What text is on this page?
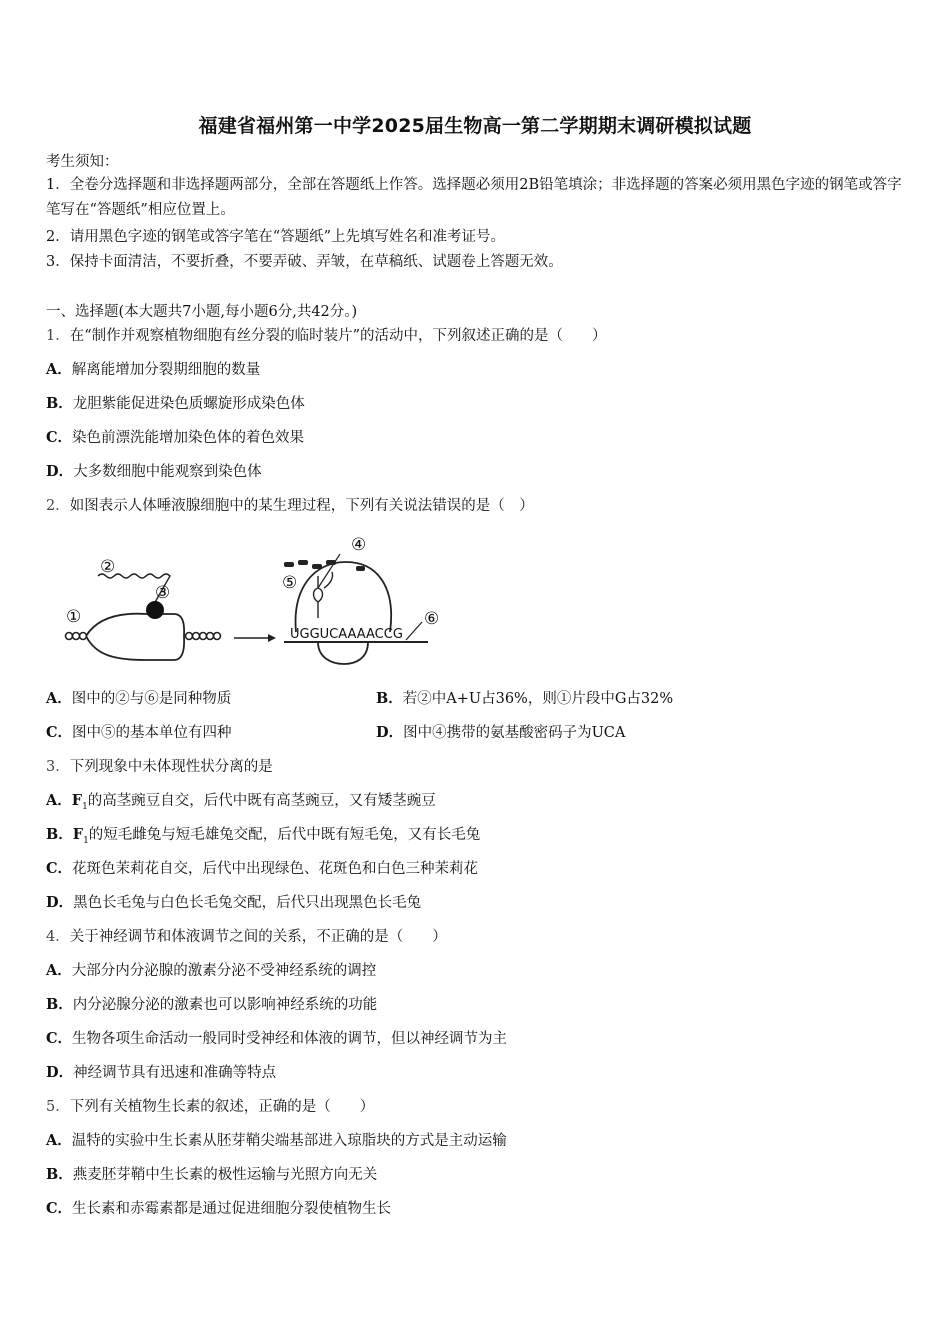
福建省福州第一中学2025届生物高一第二学期期末调研模拟试题
考生须知：
1．全卷分选择题和非选择题两部分，全部在答题纸上作答。选择题必须用2B铅笔填涂；非选择题的答案必须用黑色字迹的钢笔或答字笔写在“答题纸”相应位置上。
2．请用黑色字迹的钢笔或答字笔在“答题纸”上先填写姓名和准考证号。
3．保持卡面清洁，不要折叠，不要弄破、弄皱，在草稿纸、试题卷上答题无效。
一、选择题(本大题共7小题,每小题6分,共42分。)
1．在“制作并观察植物细胞有丝分裂的临时装片”的活动中，下列叙述正确的是（　　）
A．解离能增加分裂期细胞的数量
B．龙胆紫能促进染色质螺旋形成染色体
C．染色前漂洗能增加染色体的着色效果
D．大多数细胞中能观察到染色体
2．如图表示人体唾液腺细胞中的某生理过程，下列有关说法错误的是（　）
①
②
③
UGGUCAAAACCG
④
⑤
⑥
A．图中的②与⑥是同种物质	B．若②中A+U占36%，则①片段中G占32%
C．图中⑤的基本单位有四种	D．图中④携带的氨基酸密码子为UCA
3．下列现象中未体现性状分离的是
A．$F_1$的高茎豌豆自交，后代中既有高茎豌豆，又有矮茎豌豆
B．$F_1$的短毛雌兔与短毛雄兔交配，后代中既有短毛兔，又有长毛兔
C．花斑色茉莉花自交，后代中出现绿色、花斑色和白色三种茉莉花
D．黑色长毛兔与白色长毛兔交配，后代只出现黑色长毛兔
4．关于神经调节和体液调节之间的关系，不正确的是（　　）
A．大部分内分泌腺的激素分泌不受神经系统的调控
B．内分泌腺分泌的激素也可以影响神经系统的功能
C．生物各项生命活动一般同时受神经和体液的调节，但以神经调节为主
D．神经调节具有迅速和准确等特点
5．下列有关植物生长素的叙述，正确的是（　　）
A．温特的实验中生长素从胚芽鞘尖端基部进入琼脂块的方式是主动运输
B．燕麦胚芽鞘中生长素的极性运输与光照方向无关
C．生长素和赤霉素都是通过促进细胞分裂使植物生长
